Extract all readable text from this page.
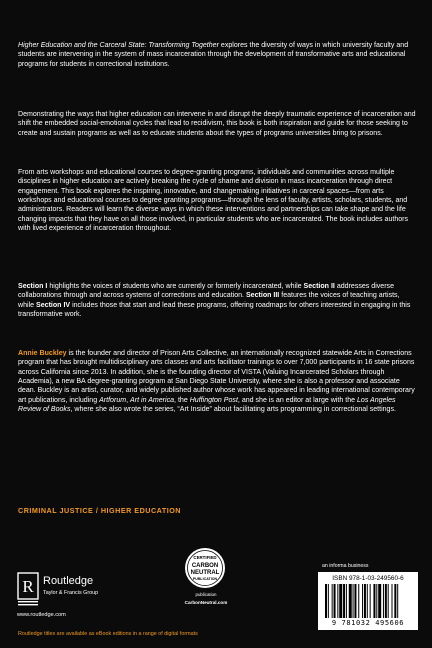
Higher Education and the Carceral State: Transforming Together explores the diversity of ways in which university faculty and students are intervening in the system of mass incarceration through the development of transformative arts and educational programs for students in correctional institutions.

Demonstrating the ways that higher education can intervene in and disrupt the deeply traumatic experience of incarceration and shift the embedded social-emotional cycles that lead to recidivism, this book is both inspiration and guide for those seeking to create and sustain programs as well as to educate students about the types of programs universities bring to prisons.

From arts workshops and educational courses to degree-granting programs, individuals and communities across multiple disciplines in higher education are actively breaking the cycle of shame and division in mass incarceration through direct engagement. This book explores the inspiring, innovative, and changemaking initiatives in carceral spaces—from arts workshops and educational courses to degree granting programs—through the lens of faculty, artists, scholars, students, and administrators. Readers will learn the diverse ways in which these interventions and partnerships can take shape and the life changing impacts that they have on all those involved, in particular students who are incarcerated. The book includes authors with lived experience of incarceration throughout.

Section I highlights the voices of students who are currently or formerly incarcerated, while Section II addresses diverse collaborations through and across systems of corrections and education. Section III features the voices of teaching artists, while Section IV includes those that start and lead these programs, offering roadmaps for others interested in engaging in this transformative work.

Annie Buckley is the founder and director of Prison Arts Collective, an internationally recognized statewide Arts in Corrections program that has brought multidisciplinary arts classes and arts facilitator trainings to over 7,000 participants in 16 state prisons across California since 2013. In addition, she is the founding director of VISTA (Valuing Incarcerated Scholars through Academia), a new BA degree-granting program at San Diego State University, where she is also a professor and associate dean. Buckley is an artist, curator, and widely published author whose work has appeared in leading international contemporary art publications, including Artforum, Art in America, the Huffington Post, and she is an editor at large with the Los Angeles Review of Books, where she also wrote the series, “Art Inside” about facilitating arts programming in correctional settings.

CRIMINAL JUSTICE / HIGHER EDUCATION
R Routledge
Taylor & Francis Group
www.routledge.com
CERTIFIED
CARBON
NEUTRAL
PUBLICATION
publication
CarbonNeutral.com
an informa business
ISBN 978-1-03-249560-6
9 781032 495606
Routledge titles are available as eBook editions in a range of digital formats
